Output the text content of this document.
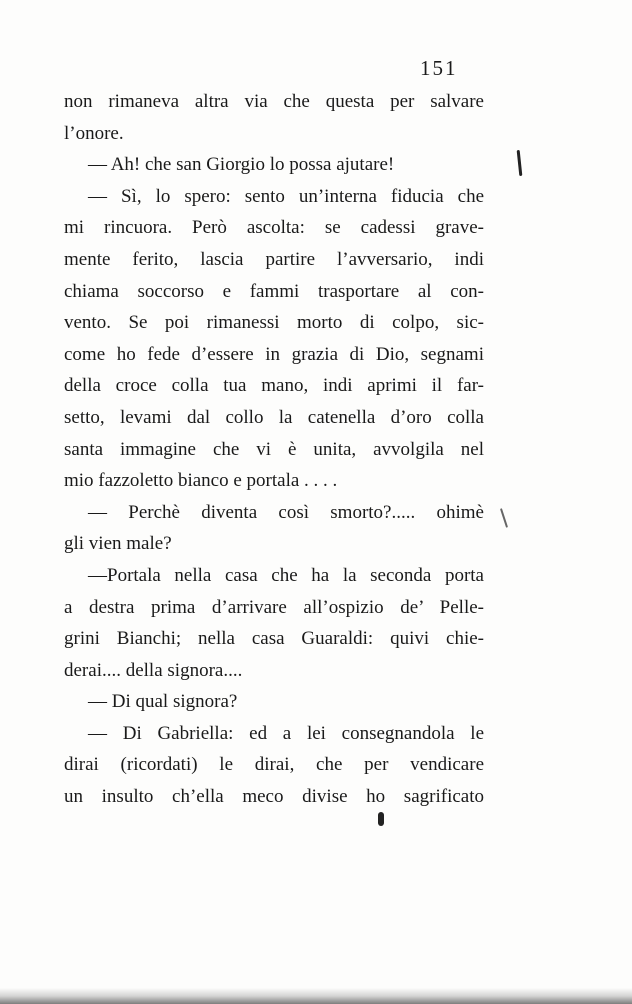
151
non rimaneva altra via che questa per salvare
l’onore.
— Ah! che san Giorgio lo possa ajutare!
— Sì, lo spero: sento un’interna fiducia che
mi rincuora. Però ascolta: se cadessi grave-
mente ferito, lascia partire l’avversario, indi
chiama soccorso e fammi trasportare al con-
vento. Se poi rimanessi morto di colpo, sic-
come ho fede d’essere in grazia di Dio, segnami
della croce colla tua mano, indi aprimi il far-
setto, levami dal collo la catenella d’oro colla
santa immagine che vi è unita, avvolgila nel
mio fazzoletto bianco e portala . . . .
— Perchè diventa così smorto?..... ohimè
gli vien male?
—Portala nella casa che ha la seconda porta
a destra prima d’arrivare all’ospizio de’ Pelle-
grini Bianchi; nella casa Guaraldi: quivi chie-
derai.... della signora....
— Di qual signora?
— Di Gabriella: ed a lei consegnandola le
dirai (ricordati) le dirai, che per vendicare
un insulto ch’ella meco divise ho sagrificato
